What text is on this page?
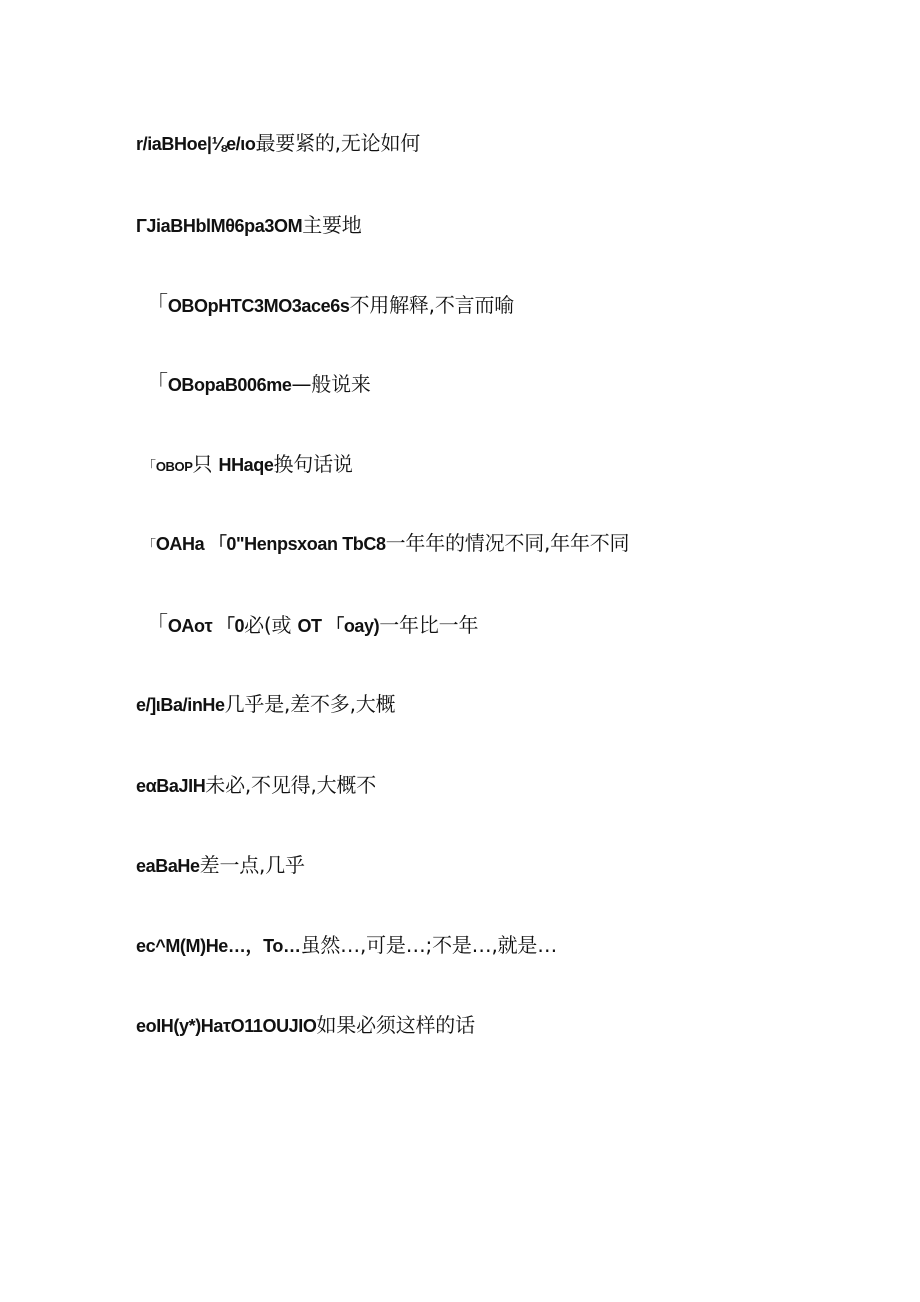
r/iaBHoe|⅛e/ιo最要紧的,无论如何
ΓJiaBHblMθ6pa3OM主要地
「OBOpHTC3MO3ace6s不用解释,不言而喻
「OBopaB006me—般说来
「OBOP只 HHaqe换句话说
「OAHa 「0"Henpsxoan TbC8一年年的情况不同,年年不同
「OAoτ 「0必(或 OT 「oay)一年比一年
e/]ιBa/inHe几乎是,差不多,大概
eαBaJIH未必,不见得,大概不
eaBaHe差一点,几乎
ec^M(M)He…，To…虽然…,可是…;不是…,就是…
eoIH(y*)HaτO11OUJIO如果必须这样的话
